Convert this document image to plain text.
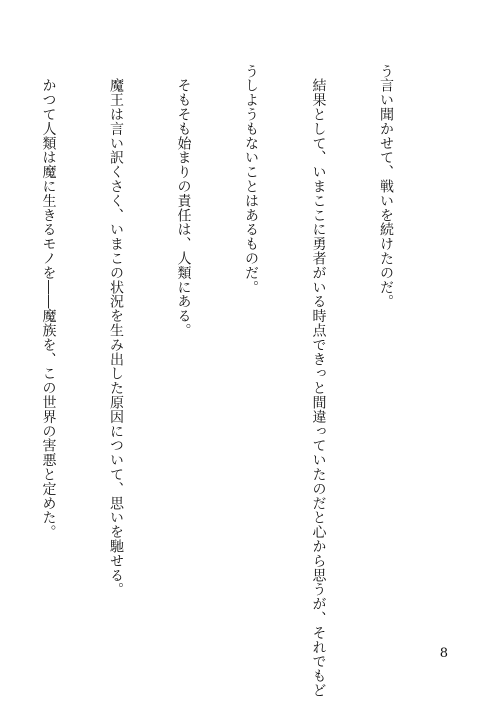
う言い聞かせて、戦いを続けたのだ。

　結果として、いまここに勇者がいる時点できっと間違っていたのだと心から思うが、それでもど

うしようもないことはあるものだ。

　そもそも始まりの責任は、人類にある。

　魔王は言い訳くさく、いまこの状況を生み出した原因について、思いを馳せる。

　かつて人類は魔に生きるモノを――魔族を、この世界の害悪と定めた。

8
